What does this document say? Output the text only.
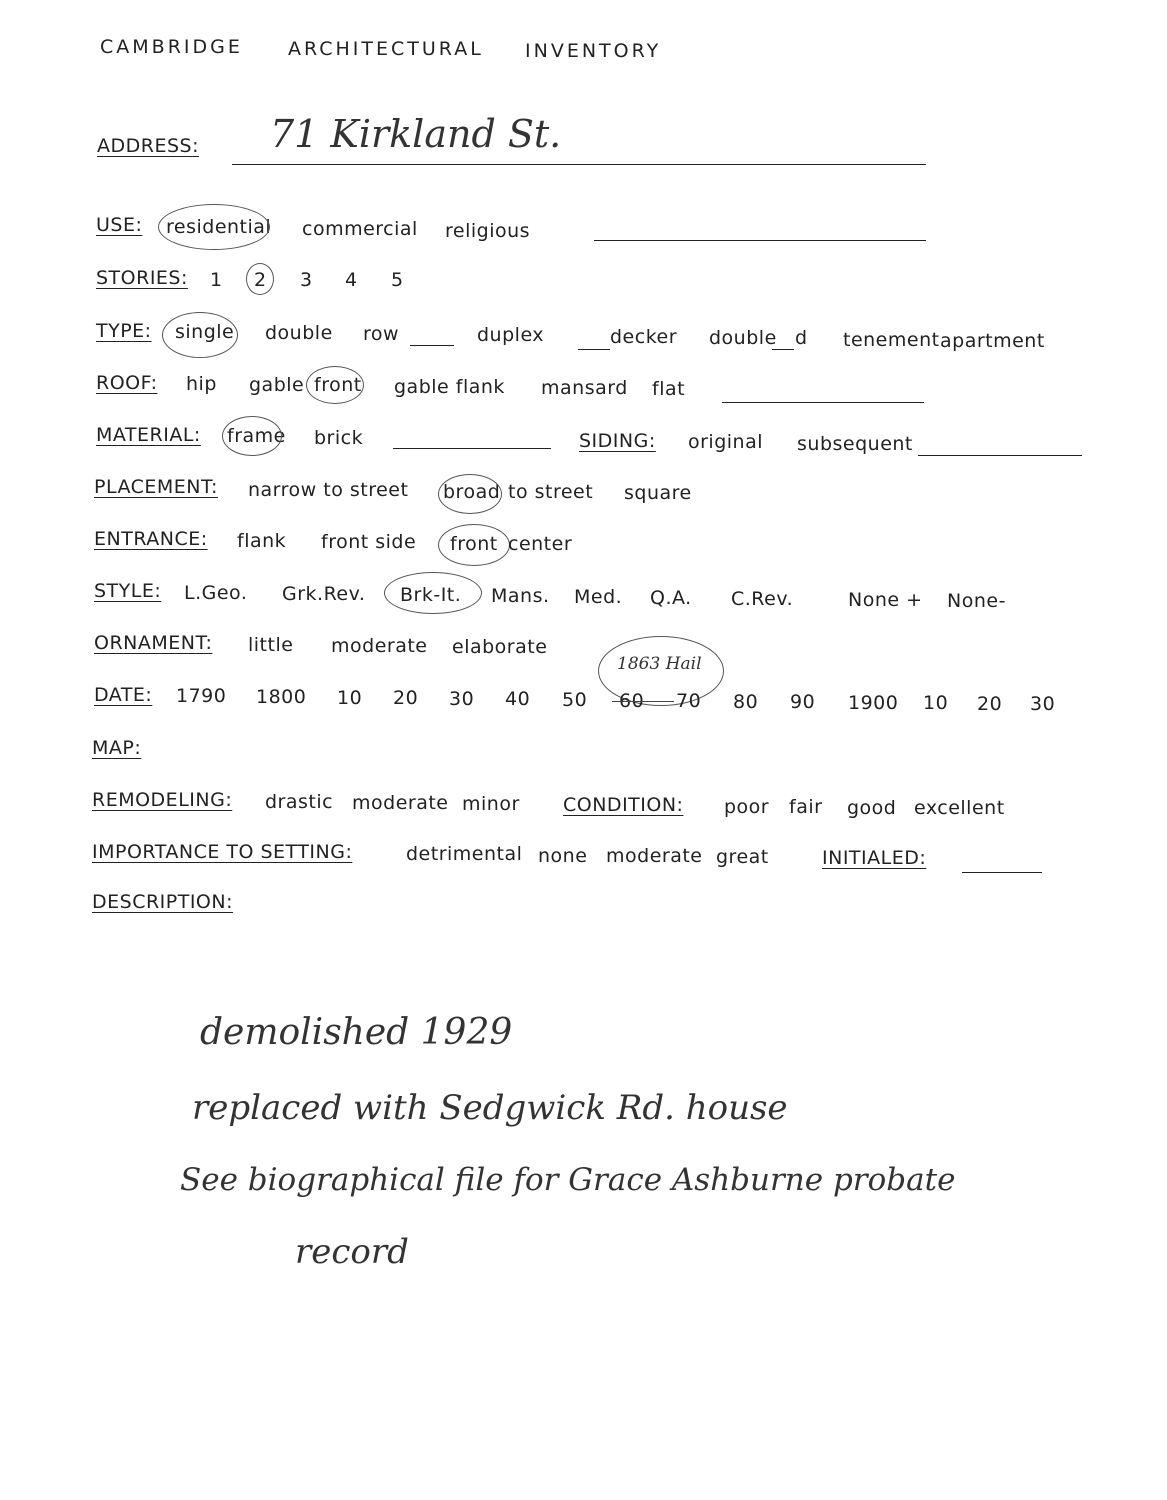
CAMBRIDGE ARCHITECTURAL INVENTORY
ADDRESS: 71 Kirkland St.
USE: residential commercial religious
STORIES: 1 2 3 4 5
TYPE: single double row	duplex	decker double d tenement apartment
ROOF: hip gable front gable flank mansard flat
MATERIAL: frame brick	SIDING: original subsequent
PLACEMENT: narrow to street broad to street square
ENTRANCE: flank front side front center
STYLE: L.Geo. Grk.Rev. Brk-It. Mans. Med. Q.A. C.Rev.	None + None-
ORNAMENT: little moderate elaborate
1863 Hail
DATE: 1790 1800 10 20 30 40 50 60 70 80 90 1900 10 20 30
MAP:
REMODELING: drastic moderate minor CONDITION: poor fair good excellent
IMPORTANCE TO SETTING:	detrimental none moderate great	INITIALED:
DESCRIPTION:
demolished 1929
replaced with Sedgwick Rd. house
See biographical file for Grace Ashburne probate
record
